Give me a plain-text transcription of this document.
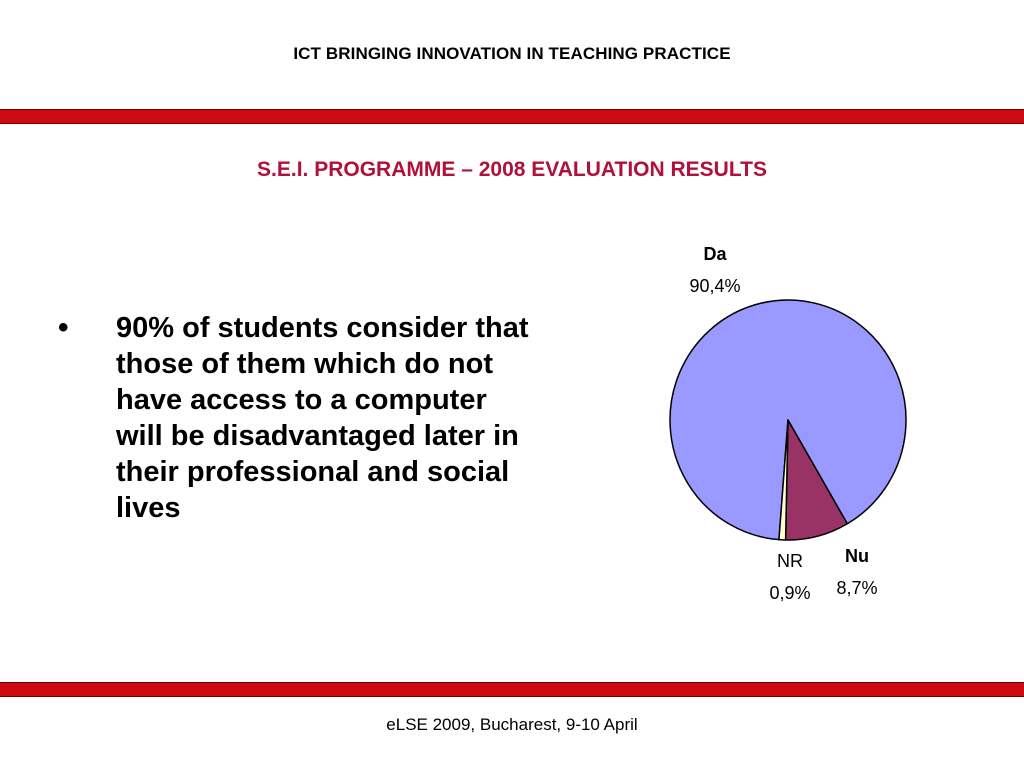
ICT BRINGING INNOVATION IN TEACHING PRACTICE
S.E.I. PROGRAMME – 2008 EVALUATION RESULTS
• 90% of students consider that those of them which do not have access to a computer will be disadvantaged later in their professional and social lives
Da
90,4%
Nu
8,7%
NR
0,9%
eLSE 2009, Bucharest, 9-10 April
